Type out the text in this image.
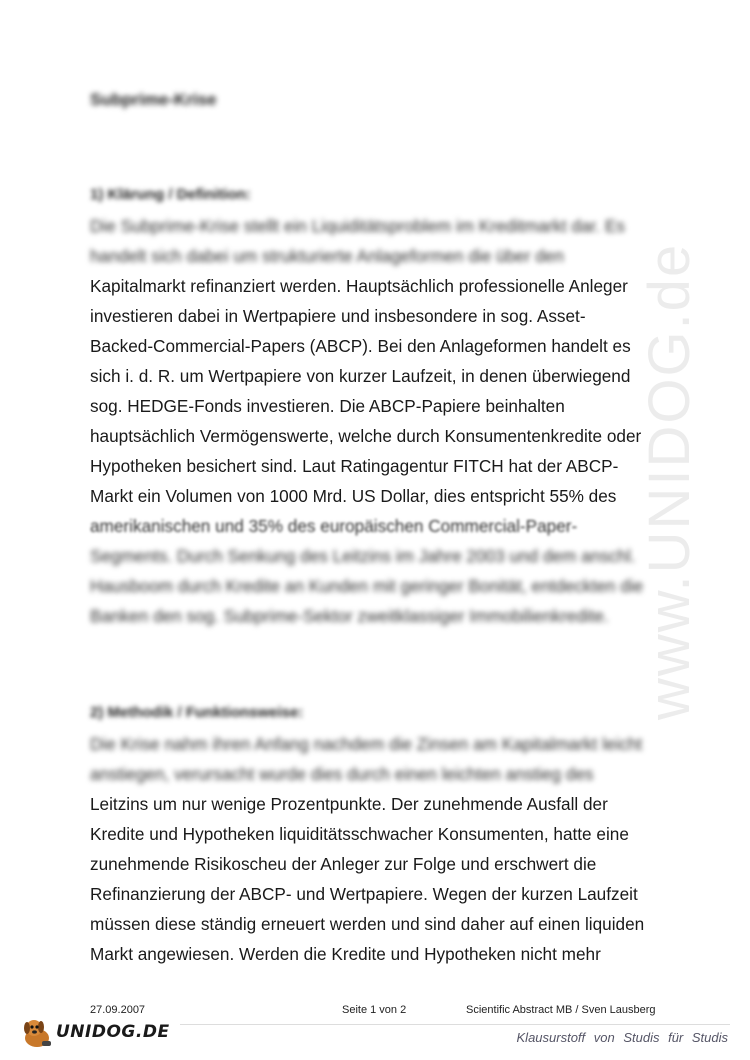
www.UNIDOG.de
Subprime-Krise
1) Klärung / Definition:
Die Subprime-Krise stellt ein Liquiditätsproblem im Kreditmarkt dar. Es
handelt sich dabei um strukturierte Anlageformen die über den
Kapitalmarkt refinanziert werden. Hauptsächlich professionelle Anleger
investieren dabei in Wertpapiere und insbesondere in sog. Asset-
Backed-Commercial-Papers (ABCP). Bei den Anlageformen handelt es
sich i. d. R. um Wertpapiere von kurzer Laufzeit, in denen überwiegend
sog. HEDGE-Fonds investieren. Die ABCP-Papiere beinhalten
hauptsächlich Vermögenswerte, welche durch Konsumentenkredite oder
Hypotheken besichert sind. Laut Ratingagentur FITCH hat der ABCP-
Markt ein Volumen von 1000 Mrd. US Dollar, dies entspricht 55% des
amerikanischen und 35% des europäischen Commercial-Paper-
Segments. Durch Senkung des Leitzins im Jahre 2003 und dem anschl.
Hausboom durch Kredite an Kunden mit geringer Bonität, entdeckten die
Banken den sog. Subprime-Sektor zweitklassiger Immobilienkredite.
2) Methodik / Funktionsweise:
Die Krise nahm ihren Anfang nachdem die Zinsen am Kapitalmarkt leicht
anstiegen, verursacht wurde dies durch einen leichten anstieg des
Leitzins um nur wenige Prozentpunkte. Der zunehmende Ausfall der
Kredite und Hypotheken liquiditätsschwacher Konsumenten, hatte eine
zunehmende Risikoscheu der Anleger zur Folge und erschwert die
Refinanzierung der ABCP- und Wertpapiere. Wegen der kurzen Laufzeit
müssen diese ständig erneuert werden und sind daher auf einen liquiden
Markt angewiesen. Werden die Kredite und Hypotheken nicht mehr
27.09.2007	Seite 1 von 2	Scientific Abstract MB / Sven Lausberg
UNIDOG.DE	Klausurstoff von Studis für Studis
